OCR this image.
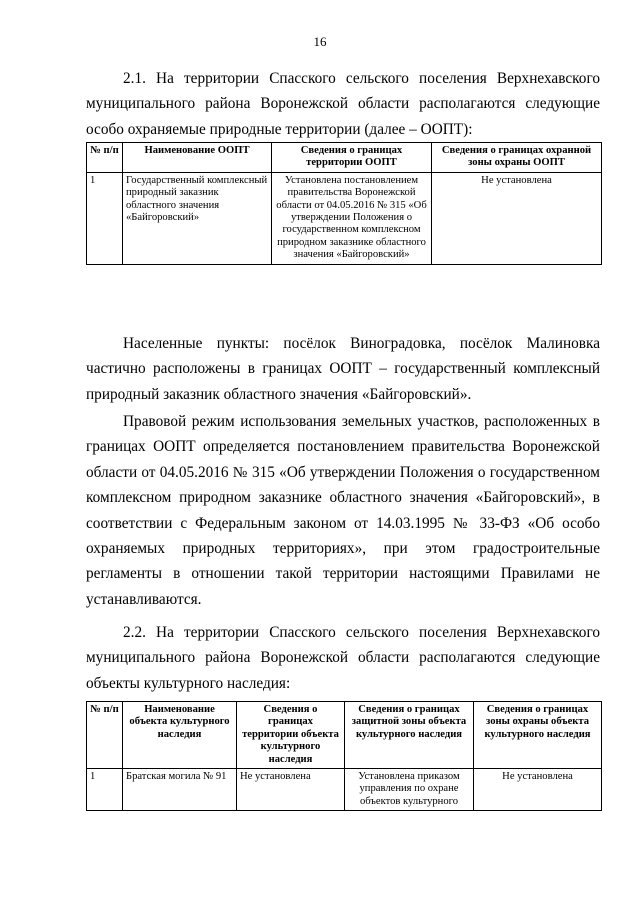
16

2.1. На территории Спасского сельского поселения Верхнехавского муниципального района Воронежской области располагаются следующие особо охраняемые природные территории (далее – ООПТ):

№ п/п	Наименование ООПТ	Сведения о границах территории ООПТ	Сведения о границах охранной зоны охраны ООПТ
1	Государственный комплексный природный заказник областного значения «Байгоровский»	Установлена постановлением правительства Воронежской области от 04.05.2016 № 315 «Об утверждении Положения о государственном комплексном природном заказнике областного значения «Байгоровский»	Не установлена

Населенные пункты: посёлок Виноградовка, посёлок Малиновка частично расположены в границах ООПТ – государственный комплексный природный заказник областного значения «Байгоровский».

Правовой режим использования земельных участков, расположенных в границах ООПТ определяется постановлением правительства Воронежской области от 04.05.2016 № 315 «Об утверждении Положения о государственном комплексном природном заказнике областного значения «Байгоровский», в соответствии с Федеральным законом от 14.03.1995 № 33-ФЗ «Об особо охраняемых природных территориях», при этом градостроительные регламенты в отношении такой территории настоящими Правилами не устанавливаются.

2.2. На территории Спасского сельского поселения Верхнехавского муниципального района Воронежской области располагаются следующие объекты культурного наследия:

№ п/п	Наименование объекта культурного наследия	Сведения о границах территории объекта культурного наследия	Сведения о границах защитной зоны объекта культурного наследия	Сведения о границах зоны охраны объекта культурного наследия
1	Братская могила № 91	Не установлена	Установлена приказом управления по охране объектов культурного	Не установлена
